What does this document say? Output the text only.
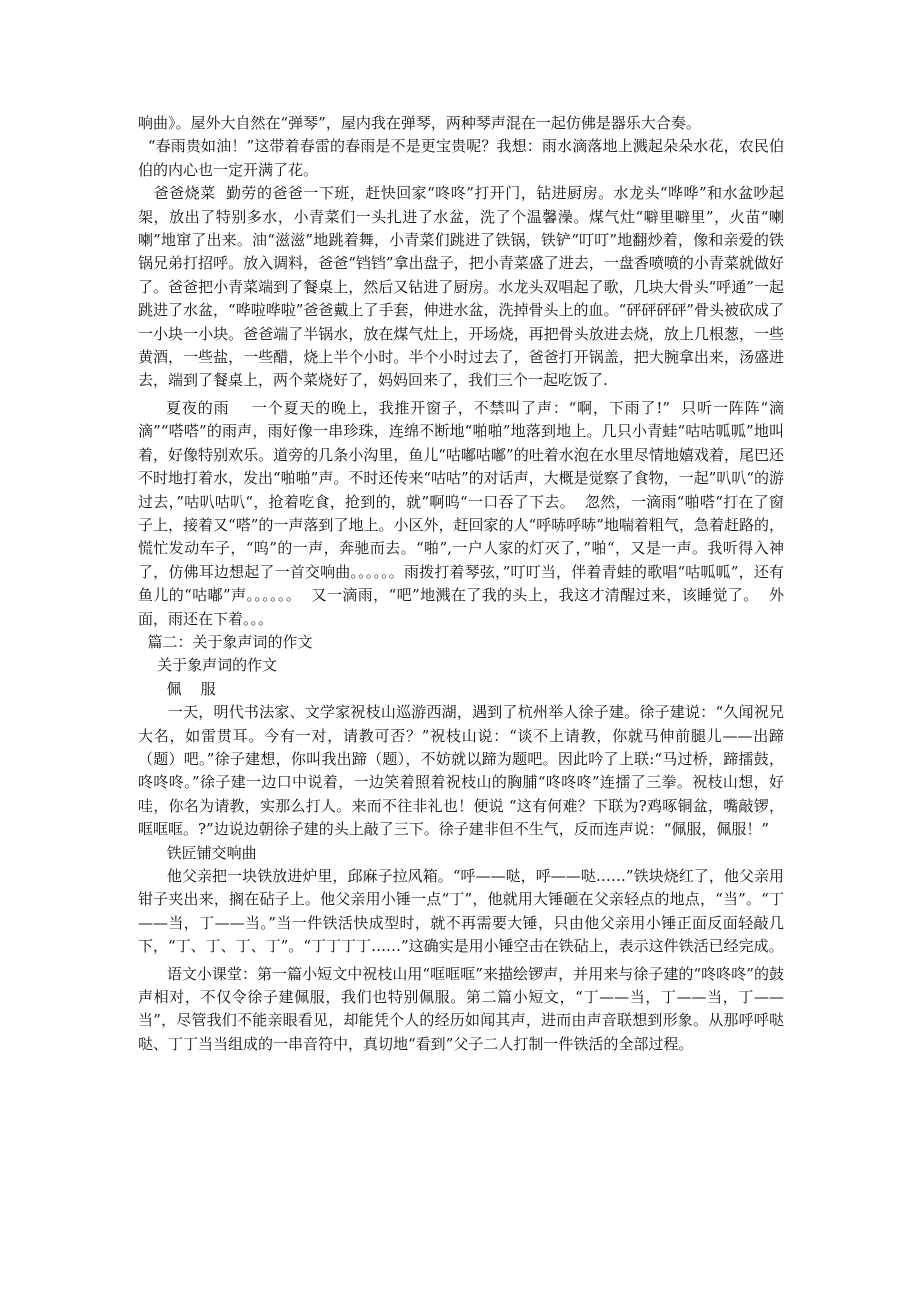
响曲》。屋外大自然在“弹琴”，屋内我在弹琴，两种琴声混在一起仿佛是器乐大合奏。

“春雨贵如油！”这带着春雷的春雨是不是更宝贵呢？我想：雨水滴落地上溅起朵朵水花，农民伯伯的内心也一定开满了花。

爸爸烧菜  勤劳的爸爸一下班，赶快回家“咚咚”打开门，钻进厨房。水龙头“哗哗”和水盆吵起架，放出了特别多水，小青菜们一头扎进了水盆，洗了个温馨澡。煤气灶“噼里噼里”，火苗“喇喇”地窜了出来。油“滋滋”地跳着舞，小青菜们跳进了铁锅，铁铲“叮叮”地翻炒着，像和亲爱的铁锅兄弟打招呼。放入调料，爸爸“铛铛”拿出盘子，把小青菜盛了进去，一盘香喷喷的小青菜就做好了。爸爸把小青菜端到了餐桌上，然后又钻进了厨房。水龙头双唱起了歌，几块大骨头“呼通”一起跳进了水盆，“哗啦哗啦”爸爸戴上了手套，伸进水盆，洗掉骨头上的血。“砰砰砰砰”骨头被砍成了一小块一小块。爸爸端了半锅水，放在煤气灶上，开场烧，再把骨头放进去烧，放上几根葱，一些黄酒，一些盐，一些醋，烧上半个小时。半个小时过去了，爸爸打开锅盖，把大腕拿出来，汤盛进去，端到了餐桌上，两个菜烧好了，妈妈回来了，我们三个一起吃饭了.

夏夜的雨    一个夏天的晚上，我推开窗子，不禁叫了声：“啊，下雨了!”  只听一阵阵“滴滴”“嗒嗒”的雨声，雨好像一串珍珠，连绵不断地“啪啪”地落到地上。几只小青蛙“咕咕呱呱”地叫着，好像特别欢乐。道旁的几条小沟里，鱼儿“咕嘟咕嘟”的吐着水泡在水里尽情地嬉戏着，尾巴还不时地打着水，发出“啪啪”声。不时还传来“咕咕”的对话声，大概是觉察了食物，一起”叭叭“的游过去，”咕叭咕叭“，抢着吃食，抢到的，就”啊呜“一口吞了下去。  忽然，一滴雨“啪嗒“打在了窗子上，接着又“嗒”的一声落到了地上。小区外，赶回家的人“呼哧呼哧”地喘着粗气，急着赶路的，慌忙发动车子，“呜”的一声，奔驰而去。“啪”,一户人家的灯灭了，”啪“，又是一声。我听得入神了，仿佛耳边想起了一首交响曲。。。。。。雨拨打着琴弦，”叮叮当，伴着青蛙的歌唱“咕呱呱”，还有鱼儿的“咕嘟”声。。。。。。  又一滴雨，“吧”地溅在了我的头上，我这才清醒过来，该睡觉了。  外面，雨还在下着。。。

篇二：关于象声词的作文

关于象声词的作文

佩    服

一天，明代书法家、文学家祝枝山巡游西湖，遇到了杭州举人徐子建。徐子建说：“久闻祝兄大名，如雷贯耳。今有一对，请教可否？”祝枝山说：“谈不上请教，你就马伸前腿儿——出蹄（题）吧。”徐子建想，你叫我出蹄（题），不妨就以蹄为题吧。因此吟了上联:“马过桥，蹄擂鼓，咚咚咚。”徐子建一边口中说着，一边笑着照着祝枝山的胸脯“咚咚咚”连擂了三拳。祝枝山想，好哇，你名为请教，实那么打人。来而不往非礼也！便说 “这有何难？下联为?鸡啄铜盆，嘴敲锣，哐哐哐。?”边说边朝徐子建的头上敲了三下。徐子建非但不生气，反而连声说：“佩服，佩服！”

铁匠铺交响曲

他父亲把一块铁放进炉里，邱麻子拉风箱。“呼——哒，呼——哒……”铁块烧红了，他父亲用钳子夹出来，搁在砧子上。他父亲用小锤一点“丁”，他就用大锤砸在父亲轻点的地点，“当”。“丁——当，丁——当。”当一件铁活快成型时，就不再需要大锤，只由他父亲用小锤正面反面轻敲几下，“丁、丁、丁、丁”。“丁丁丁丁……”这确实是用小锤空击在铁砧上，表示这件铁活已经完成。

语文小课堂：第一篇小短文中祝枝山用“哐哐哐”来描绘锣声，并用来与徐子建的“咚咚咚”的鼓声相对，不仅令徐子建佩服，我们也特别佩服。第二篇小短文，“丁——当，丁——当，丁——当”，尽管我们不能亲眼看见，却能凭个人的经历如闻其声，进而由声音联想到形象。从那呼呼哒哒、丁丁当当组成的一串音符中，真切地“看到”父子二人打制一件铁活的全部过程。
